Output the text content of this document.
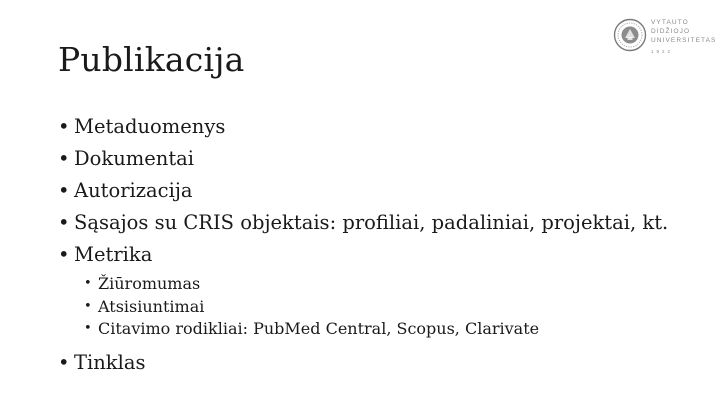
Publikacija
VYTAUTO
DIDŽIOJO
UNIVERSITETAS
1922
• Metaduomenys
• Dokumentai
• Autorizacija
• Sąsajos su CRIS objektais: profiliai, padaliniai, projektai, kt.
• Metrika
• Žiūromumas
• Atsisiuntimai
• Citavimo rodikliai: PubMed Central, Scopus, Clarivate
• Tinklas
